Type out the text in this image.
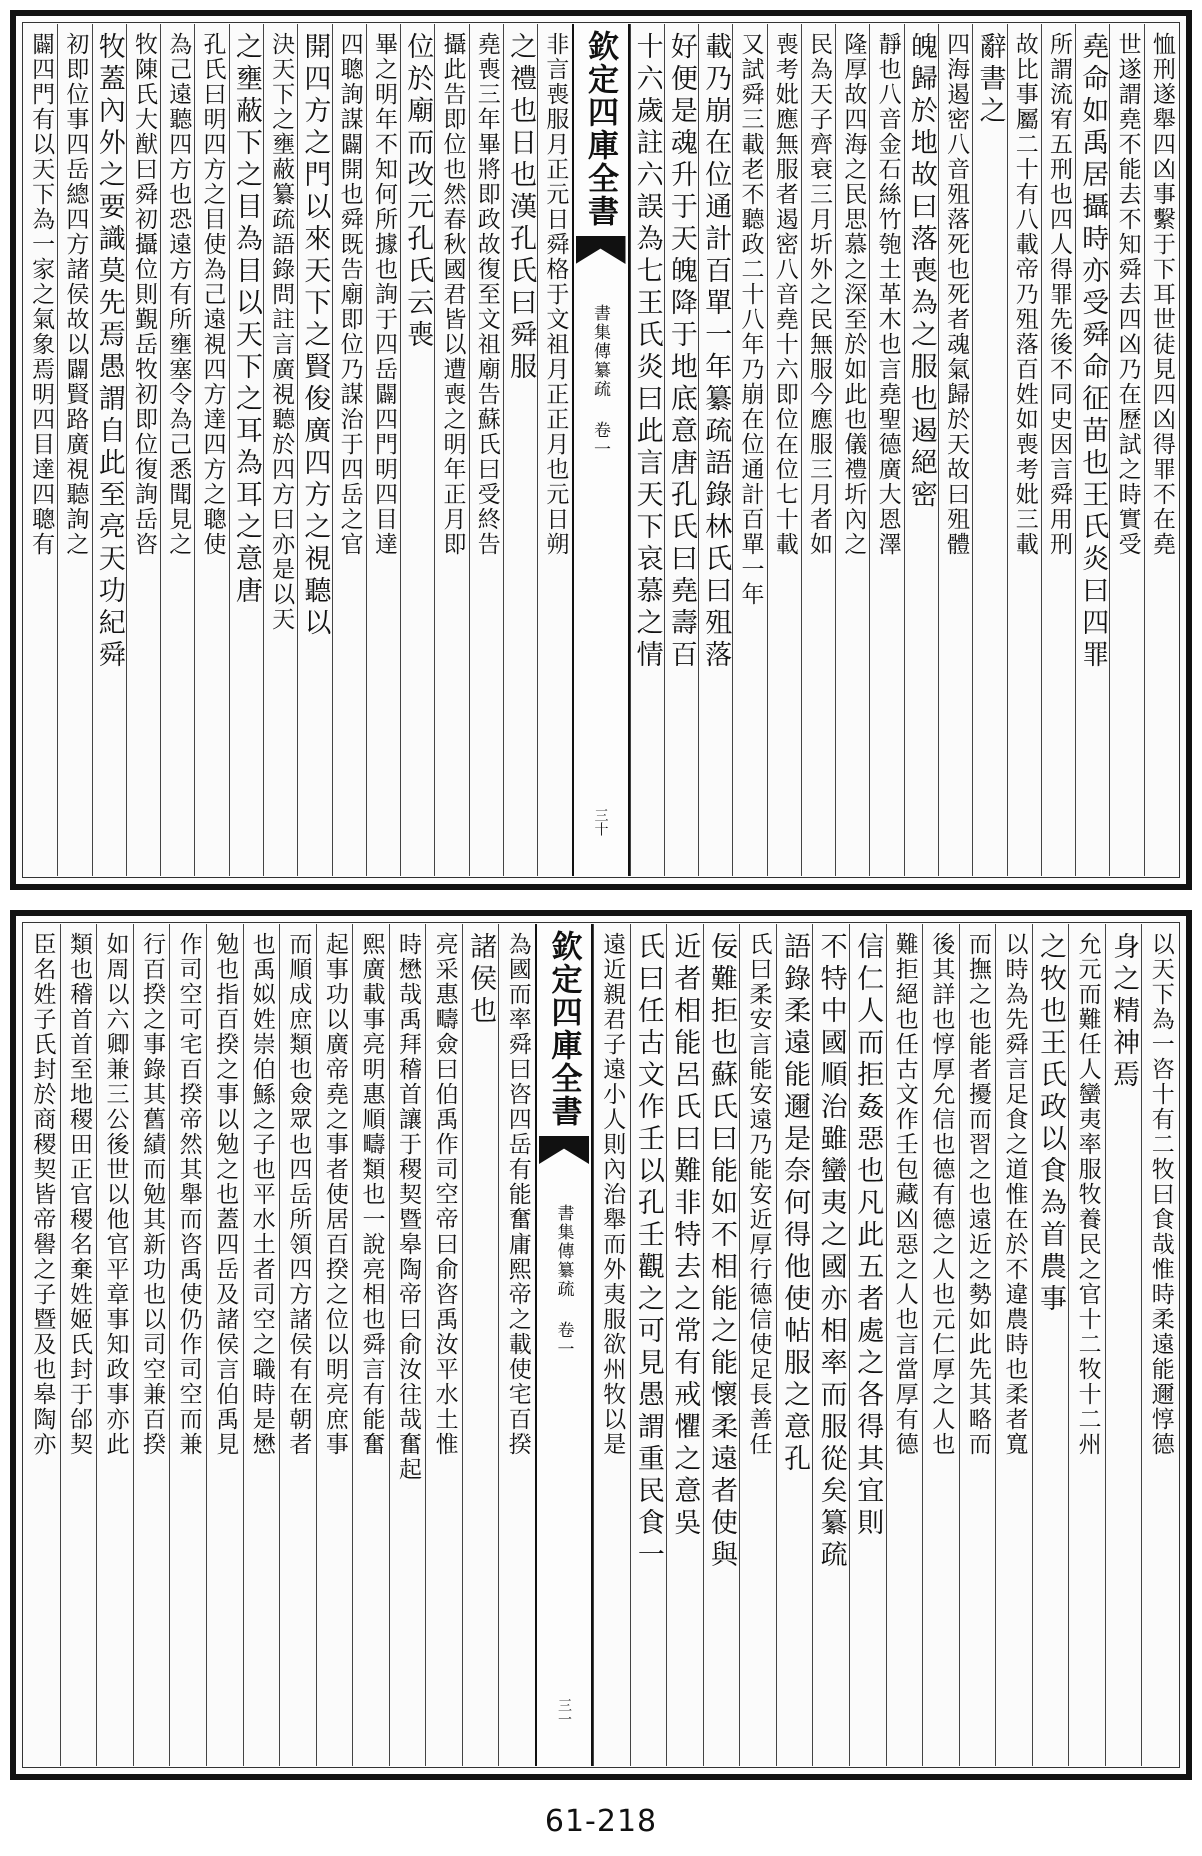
恤刑遂舉四凶事繫于下耳世徒見四凶得罪不在堯
世遂謂堯不能去不知舜去四凶乃在歷試之時實受
堯命如禹居攝時亦受舜命征苗也王氏炎曰四罪
所謂流宥五刑也四人得罪先後不同史因言舜用刑
故比事屬二十有八載帝乃殂落百姓如喪考妣三載
辭書之
四海遏密八音殂落死也死者魂氣歸於天故曰殂體
魄歸於地故曰落喪為之服也遏絕密
靜也八音金石絲竹匏土革木也言堯聖德廣大恩澤
隆厚故四海之民思慕之深至於如此也儀禮圻內之
民為天子齊衰三月圻外之民無服今應服三月者如
喪考妣應無服者遏密八音堯十六即位在位七十載
又試舜三載老不聽政二十八年乃崩在位通計百單一年
載乃崩在位通計百單一年纂疏語錄林氏曰殂落
好便是魂升于天魄降于地底意唐孔氏曰堯壽百
十六歲註六誤為七王氏炎曰此言天下哀慕之情
欽定四庫全書
書集傳纂疏 卷一
三十
非言喪服月正元日舜格于文祖月正正月也元日朔
之禮也日也漢孔氏曰舜服
堯喪三年畢將即政故復至文祖廟告蘇氏曰受終告
攝此告即位也然春秋國君皆以遭喪之明年正月即
位於廟而改元孔氏云喪
畢之明年不知何所據也詢于四岳闢四門明四目達
四聰詢謀闢開也舜既告廟即位乃謀治于四岳之官
開四方之門以來天下之賢俊廣四方之視聽以
決天下之壅蔽纂疏語錄問註言廣視聽於四方曰亦是以天
之壅蔽下之目為目以天下之耳為耳之意唐
孔氏曰明四方之目使為己遠視四方達四方之聰使
為己遠聽四方也恐遠方有所壅塞令為己悉聞見之
牧陳氏大猷曰舜初攝位則覲岳牧初即位復詢岳咨
牧蓋內外之要識莫先焉愚謂自此至亮天功紀舜
初即位事四岳總四方諸侯故以闢賢路廣視聽詢之
闢四門有以天下為一家之氣象焉明四目達四聰有
以天下為一咨十有二牧曰食哉惟時柔遠能邇惇德
身之精神焉
允元而難任人蠻夷率服牧養民之官十二牧十二州
之牧也王氏政以食為首農事
以時為先舜言足食之道惟在於不違農時也柔者寬
而撫之也能者擾而習之也遠近之勢如此先其略而
後其詳也惇厚允信也德有德之人也元仁厚之人也
難拒絕也任古文作壬包藏凶惡之人也言當厚有德
信仁人而拒姦惡也凡此五者處之各得其宜則
不特中國順治雖蠻夷之國亦相率而服從矣纂疏
語錄柔遠能邇是奈何得他使帖服之意孔
氏曰柔安言能安遠乃能安近厚行德信使足長善任
佞難拒也蘇氏曰能如不相能之能懷柔遠者使與
近者相能呂氏曰難非特去之常有戒懼之意吳
氏曰任古文作壬以孔壬觀之可見愚謂重民食一
遠近親君子遠小人則內治舉而外夷服欲州牧以是
欽定四庫全書
書集傳纂疏 卷一
三一
為國而率舜曰咨四岳有能奮庸熙帝之載使宅百揆
諸侯也
亮采惠疇僉曰伯禹作司空帝曰俞咨禹汝平水土惟
時懋哉禹拜稽首讓于稷契暨皋陶帝曰俞汝往哉奮起
熙廣載事亮明惠順疇類也一說亮相也舜言有能奮
起事功以廣帝堯之事者使居百揆之位以明亮庶事
而順成庶類也僉眾也四岳所領四方諸侯有在朝者
也禹姒姓崇伯鯀之子也平水土者司空之職時是懋
勉也指百揆之事以勉之也蓋四岳及諸侯言伯禹見
作司空可宅百揆帝然其舉而咨禹使仍作司空而兼
行百揆之事錄其舊績而勉其新功也以司空兼百揆
如周以六卿兼三公後世以他官平章事知政事亦此
類也稽首首至地稷田正官稷名棄姓姬氏封于邰契
臣名姓子氏封於商稷契皆帝嚳之子暨及也皋陶亦
61-218
